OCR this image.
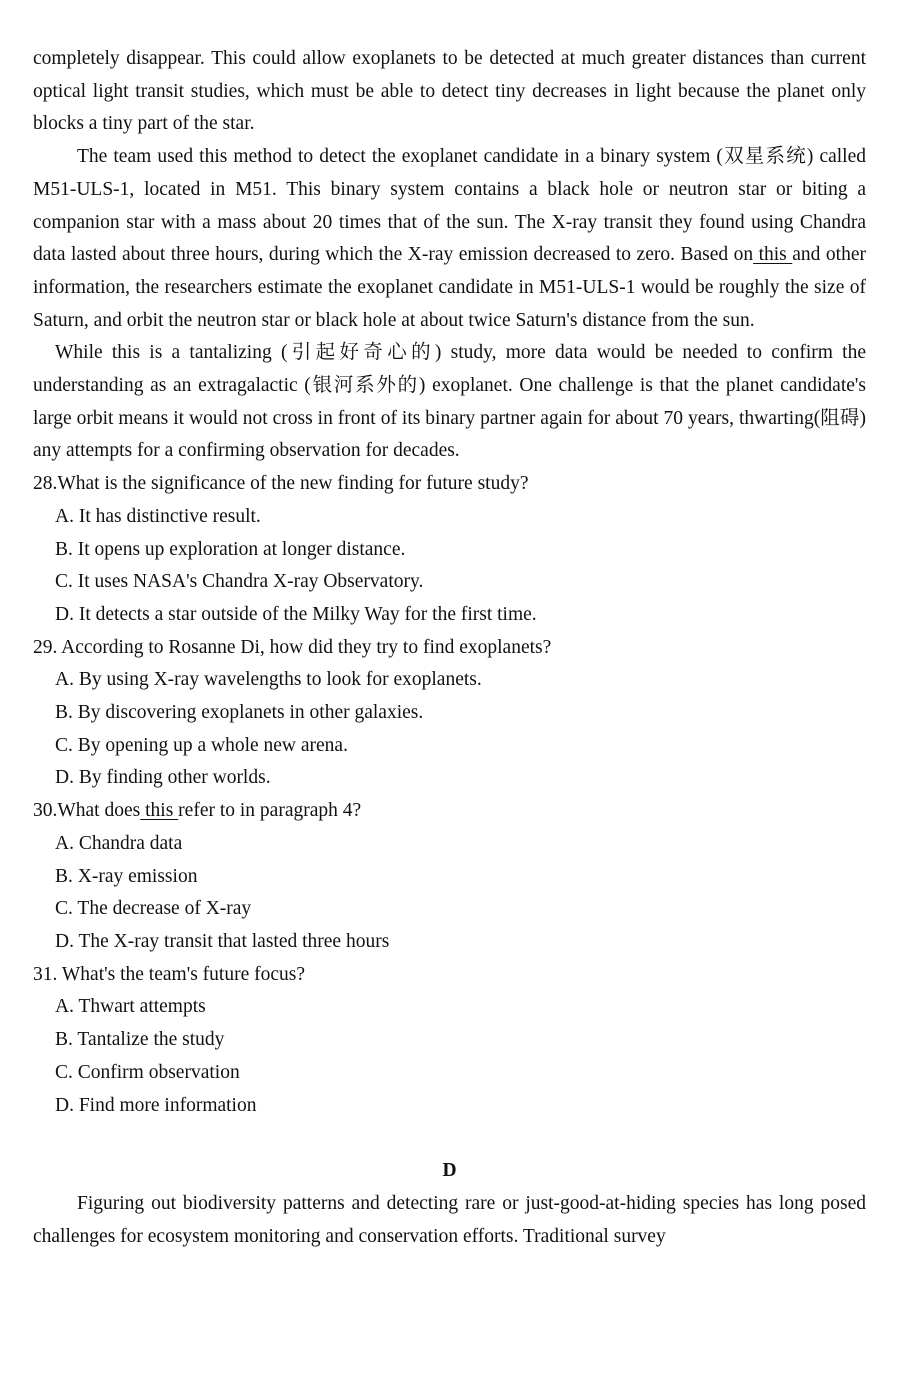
completely disappear. This could allow exoplanets to be detected at much greater distances than current optical light transit studies, which must be able to detect tiny decreases in light because the planet only blocks a tiny part of the star.

The team used this method to detect the exoplanet candidate in a binary system (双星系统) called M51-ULS-1, located in M51. This binary system contains a black hole or neutron star or biting a companion star with a mass about 20 times that of the sun. The X-ray transit they found using Chandra data lasted about three hours, during which the X-ray emission decreased to zero. Based on this and other information, the researchers estimate the exoplanet candidate in M51-ULS-1 would be roughly the size of Saturn, and orbit the neutron star or black hole at about twice Saturn's distance from the sun.

While this is a tantalizing (引起好奇心的) study, more data would be needed to confirm the understanding as an extragalactic (银河系外的) exoplanet. One challenge is that the planet candidate's large orbit means it would not cross in front of its binary partner again for about 70 years, thwarting(阻碍) any attempts for a confirming observation for decades.

28.What is the significance of the new finding for future study?

A. It has distinctive result.

B. It opens up exploration at longer distance.

C. It uses NASA's Chandra X-ray Observatory.

D. It detects a star outside of the Milky Way for the first time.

29. According to Rosanne Di, how did they try to find exoplanets?

A. By using X-ray wavelengths to look for exoplanets.

B. By discovering exoplanets in other galaxies.

C. By opening up a whole new arena.

D. By finding other worlds.

30.What does this refer to in paragraph 4?

A. Chandra data

B. X-ray emission

C. The decrease of X-ray

D. The X-ray transit that lasted three hours

31. What's the team's future focus?

A. Thwart attempts

B. Tantalize the study

C. Confirm observation

D. Find more information

D

Figuring out biodiversity patterns and detecting rare or just-good-at-hiding species has long posed challenges for ecosystem monitoring and conservation efforts. Traditional survey
